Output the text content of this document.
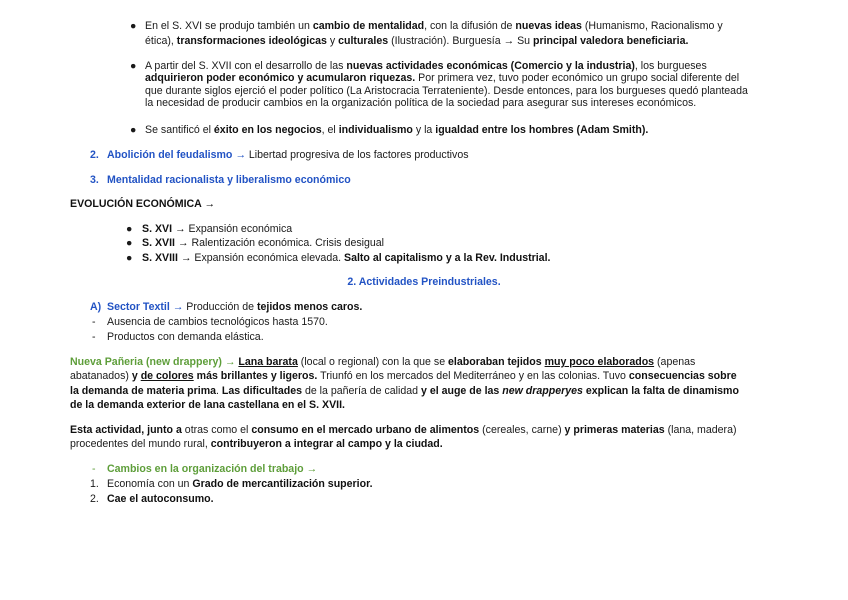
● En el S. XVI se produjo también un cambio de mentalidad, con la difusión de nuevas ideas (Humanismo, Racionalismo y
ética), transformaciones ideológicas y culturales (Ilustración). Burguesía → Su principal valedora beneficiaria.
● A partir del S. XVII con el desarrollo de las nuevas actividades económicas (Comercio y la industria), los burgueses
adquirieron poder económico y acumularon riquezas. Por primera vez, tuvo poder económico un grupo social diferente del
que durante siglos ejerció el poder político (La Aristocracia Terrateniente). Desde entonces, para los burgueses quedó planteada
la necesidad de producir cambios en la organización política de la sociedad para asegurar sus intereses económicos.
● Se santificó el éxito en los negocios, el individualismo y la igualdad entre los hombres (Adam Smith).
2. Abolición del feudalismo → Libertad progresiva de los factores productivos
3. Mentalidad racionalista y liberalismo económico
EVOLUCIÓN ECONÓMICA →
● S. XVI → Expansión económica
● S. XVII → Ralentización económica. Crisis desigual
● S. XVIII → Expansión económica elevada. Salto al capitalismo y a la Rev. Industrial.
2. Actividades Preindustriales.
A) Sector Textil → Producción de tejidos menos caros.
- Ausencia de cambios tecnológicos hasta 1570.
- Productos con demanda elástica.
Nueva Pañeria (new drappery) → Lana barata (local o regional) con la que se elaboraban tejidos muy poco elaborados (apenas
abatanados) y de colores más brillantes y ligeros. Triunfó en los mercados del Mediterráneo y en las colonias. Tuvo consecuencias sobre
la demanda de materia prima. Las dificultades de la pañería de calidad y el auge de las new drapperyes explican la falta de dinamismo
de la demanda exterior de lana castellana en el S. XVII.
Esta actividad, junto a otras como el consumo en el mercado urbano de alimentos (cereales, carne) y primeras materias (lana, madera)
procedentes del mundo rural, contribuyeron a integrar al campo y la ciudad.
- Cambios en la organización del trabajo →
1. Economía con un Grado de mercantilización superior.
2. Cae el autoconsumo.
